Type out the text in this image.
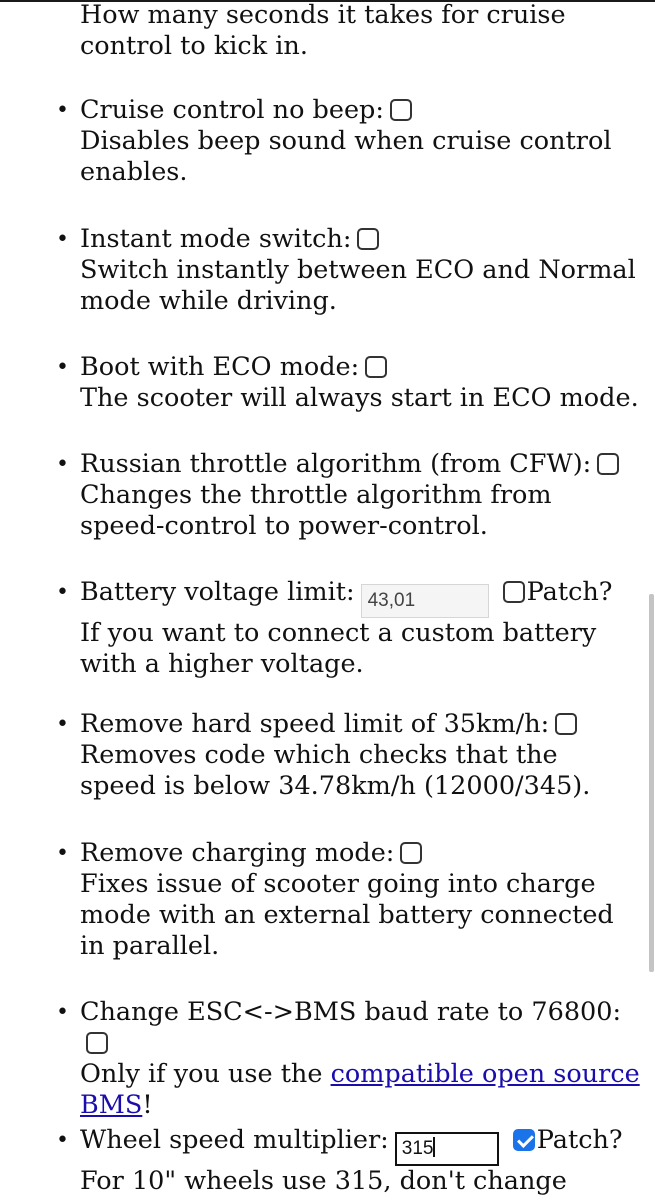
How many seconds it takes for cruise control to kick in.
• Cruise control no beep:
Disables beep sound when cruise control enables.
• Instant mode switch:
Switch instantly between ECO and Normal mode while driving.
• Boot with ECO mode:
The scooter will always start in ECO mode.
• Russian throttle algorithm (from CFW):
Changes the throttle algorithm from speed-control to power-control.
• Battery voltage limit: 43,01	Patch?
If you want to connect a custom battery with a higher voltage.
• Remove hard speed limit of 35km/h:
Removes code which checks that the speed is below 34.78km/h (12000/345).
• Remove charging mode:
Fixes issue of scooter going into charge mode with an external battery connected in parallel.
• Change ESC<->BMS baud rate to 76800:
Only if you use the compatible open source BMS!
• Wheel speed multiplier: 315	Patch?
For 10" wheels use 315, don't change
